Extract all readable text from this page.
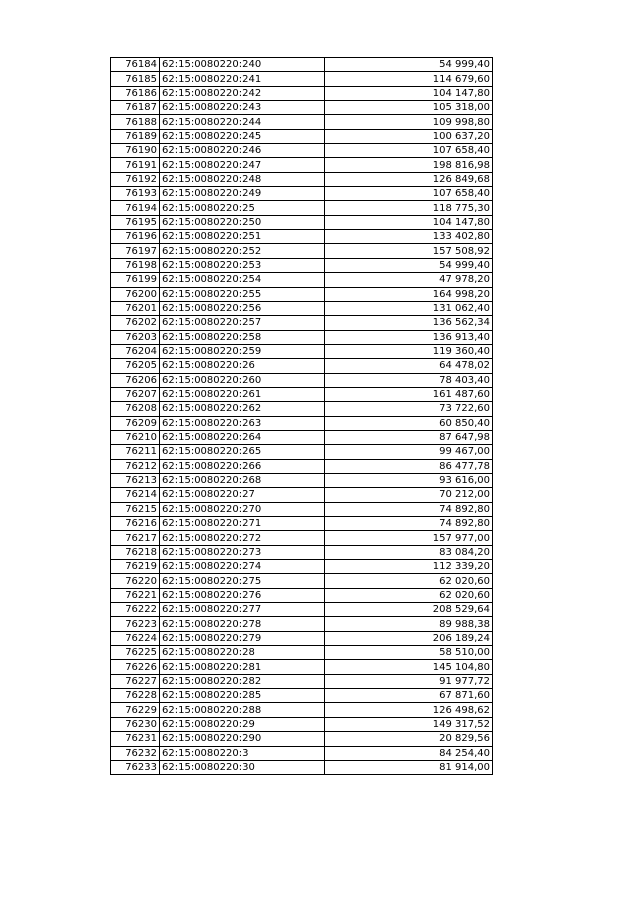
76184	62:15:0080220:240	54 999,40
76185	62:15:0080220:241	114 679,60
76186	62:15:0080220:242	104 147,80
76187	62:15:0080220:243	105 318,00
76188	62:15:0080220:244	109 998,80
76189	62:15:0080220:245	100 637,20
76190	62:15:0080220:246	107 658,40
76191	62:15:0080220:247	198 816,98
76192	62:15:0080220:248	126 849,68
76193	62:15:0080220:249	107 658,40
76194	62:15:0080220:25	118 775,30
76195	62:15:0080220:250	104 147,80
76196	62:15:0080220:251	133 402,80
76197	62:15:0080220:252	157 508,92
76198	62:15:0080220:253	54 999,40
76199	62:15:0080220:254	47 978,20
76200	62:15:0080220:255	164 998,20
76201	62:15:0080220:256	131 062,40
76202	62:15:0080220:257	136 562,34
76203	62:15:0080220:258	136 913,40
76204	62:15:0080220:259	119 360,40
76205	62:15:0080220:26	64 478,02
76206	62:15:0080220:260	78 403,40
76207	62:15:0080220:261	161 487,60
76208	62:15:0080220:262	73 722,60
76209	62:15:0080220:263	60 850,40
76210	62:15:0080220:264	87 647,98
76211	62:15:0080220:265	99 467,00
76212	62:15:0080220:266	86 477,78
76213	62:15:0080220:268	93 616,00
76214	62:15:0080220:27	70 212,00
76215	62:15:0080220:270	74 892,80
76216	62:15:0080220:271	74 892,80
76217	62:15:0080220:272	157 977,00
76218	62:15:0080220:273	83 084,20
76219	62:15:0080220:274	112 339,20
76220	62:15:0080220:275	62 020,60
76221	62:15:0080220:276	62 020,60
76222	62:15:0080220:277	208 529,64
76223	62:15:0080220:278	89 988,38
76224	62:15:0080220:279	206 189,24
76225	62:15:0080220:28	58 510,00
76226	62:15:0080220:281	145 104,80
76227	62:15:0080220:282	91 977,72
76228	62:15:0080220:285	67 871,60
76229	62:15:0080220:288	126 498,62
76230	62:15:0080220:29	149 317,52
76231	62:15:0080220:290	20 829,56
76232	62:15:0080220:3	84 254,40
76233	62:15:0080220:30	81 914,00
